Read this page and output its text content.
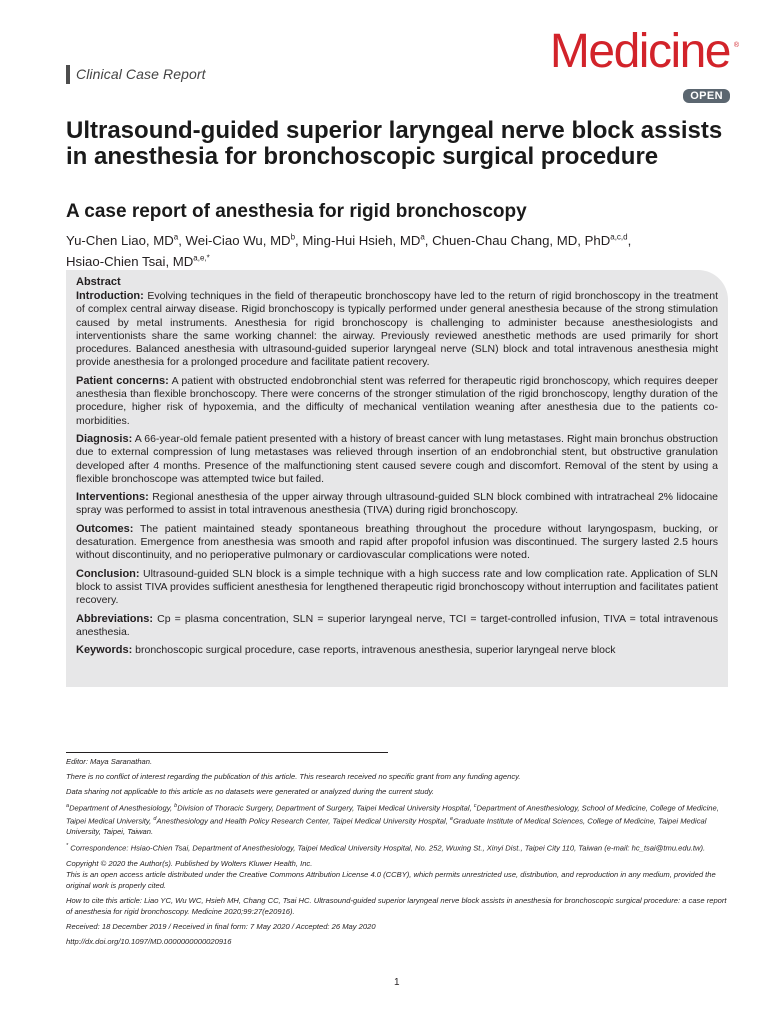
Clinical Case Report	Medicine ®
OPEN
Ultrasound-guided superior laryngeal nerve block assists in anesthesia for bronchoscopic surgical procedure
A case report of anesthesia for rigid bronchoscopy
Yu-Chen Liao, $MD^a$, Wei-Ciao Wu, $MD^b$, Ming-Hui Hsieh, $MD^a$, Chuen-Chau Chang, MD, PhD$^{a,c,d}$,
Hsiao-Chien Tsai, $MD^{a,e,*}$
Abstract

Introduction: Evolving techniques in the field of therapeutic bronchoscopy have led to the return of rigid bronchoscopy in the treatment of complex central airway disease. Rigid bronchoscopy is typically performed under general anesthesia because of the strong stimulation caused by metal instruments. Anesthesia for rigid bronchoscopy is challenging to administer because anesthesiologists and interventionists share the same working channel: the airway. Previously reviewed anesthetic methods are used primarily for short procedures. Balanced anesthesia with ultrasound-guided superior laryngeal nerve (SLN) block and total intravenous anesthesia might provide anesthesia for a prolonged procedure and facilitate patient recovery.

Patient concerns: A patient with obstructed endobronchial stent was referred for therapeutic rigid bronchoscopy, which requires deeper anesthesia than flexible bronchoscopy. There were concerns of the stronger stimulation of the rigid bronchoscopy, lengthy duration of the procedure, higher risk of hypoxemia, and the difficulty of mechanical ventilation weaning after anesthesia due to the patients co-morbidities.

Diagnosis: A 66-year-old female patient presented with a history of breast cancer with lung metastases. Right main bronchus obstruction due to external compression of lung metastases was relieved through insertion of an endobronchial stent, but obstructive granulation developed after 4 months. Presence of the malfunctioning stent caused severe cough and discomfort. Removal of the stent by using a flexible bronchoscope was attempted twice but failed.

Interventions: Regional anesthesia of the upper airway through ultrasound-guided SLN block combined with intratracheal 2% lidocaine spray was performed to assist in total intravenous anesthesia (TIVA) during rigid bronchoscopy.

Outcomes: The patient maintained steady spontaneous breathing throughout the procedure without laryngospasm, bucking, or desaturation. Emergence from anesthesia was smooth and rapid after propofol infusion was discontinued. The surgery lasted 2.5 hours without discontinuity, and no perioperative pulmonary or cardiovascular complications were noted.

Conclusion: Ultrasound-guided SLN block is a simple technique with a high success rate and low complication rate. Application of SLN block to assist TIVA provides sufficient anesthesia for lengthened therapeutic rigid bronchoscopy without interruption and facilitates patient recovery.

Abbreviations: Cp = plasma concentration, SLN = superior laryngeal nerve, TCI = target-controlled infusion, TIVA = total intravenous anesthesia.

Keywords: bronchoscopic surgical procedure, case reports, intravenous anesthesia, superior laryngeal nerve block

Editor: Maya Saranathan.

There is no conflict of interest regarding the publication of this article. This research received no specific grant from any funding agency.

Data sharing not applicable to this article as no datasets were generated or analyzed during the current study.

$^a$Department of Anesthesiology, $^b$Division of Thoracic Surgery, Department of Surgery, Taipei Medical University Hospital, $^c$Department of Anesthesiology, School of Medicine, College of Medicine, Taipei Medical University, $^d$Anesthesiology and Health Policy Research Center, Taipei Medical University Hospital, $^e$Graduate Institute of Medical Sciences, College of Medicine, Taipei Medical University, Taipei, Taiwan.

* Correspondence: Hsiao-Chien Tsai, Department of Anesthesiology, Taipei Medical University Hospital, No. 252, Wuxing St., Xinyi Dist., Taipei City 110, Taiwan (e-mail: hc_tsai@tmu.edu.tw).

Copyright © 2020 the Author(s). Published by Wolters Kluwer Health, Inc.
This is an open access article distributed under the Creative Commons Attribution License 4.0 (CCBY), which permits unrestricted use, distribution, and reproduction in any medium, provided the original work is properly cited.

How to cite this article: Liao YC, Wu WC, Hsieh MH, Chang CC, Tsai HC. Ultrasound-guided superior laryngeal nerve block assists in anesthesia for bronchoscopic surgical procedure: a case report of anesthesia for rigid bronchoscopy. Medicine 2020;99:27(e20916).

Received: 18 December 2019 / Received in final form: 7 May 2020 / Accepted: 26 May 2020

http://dx.doi.org/10.1097/MD.0000000000020916

1
